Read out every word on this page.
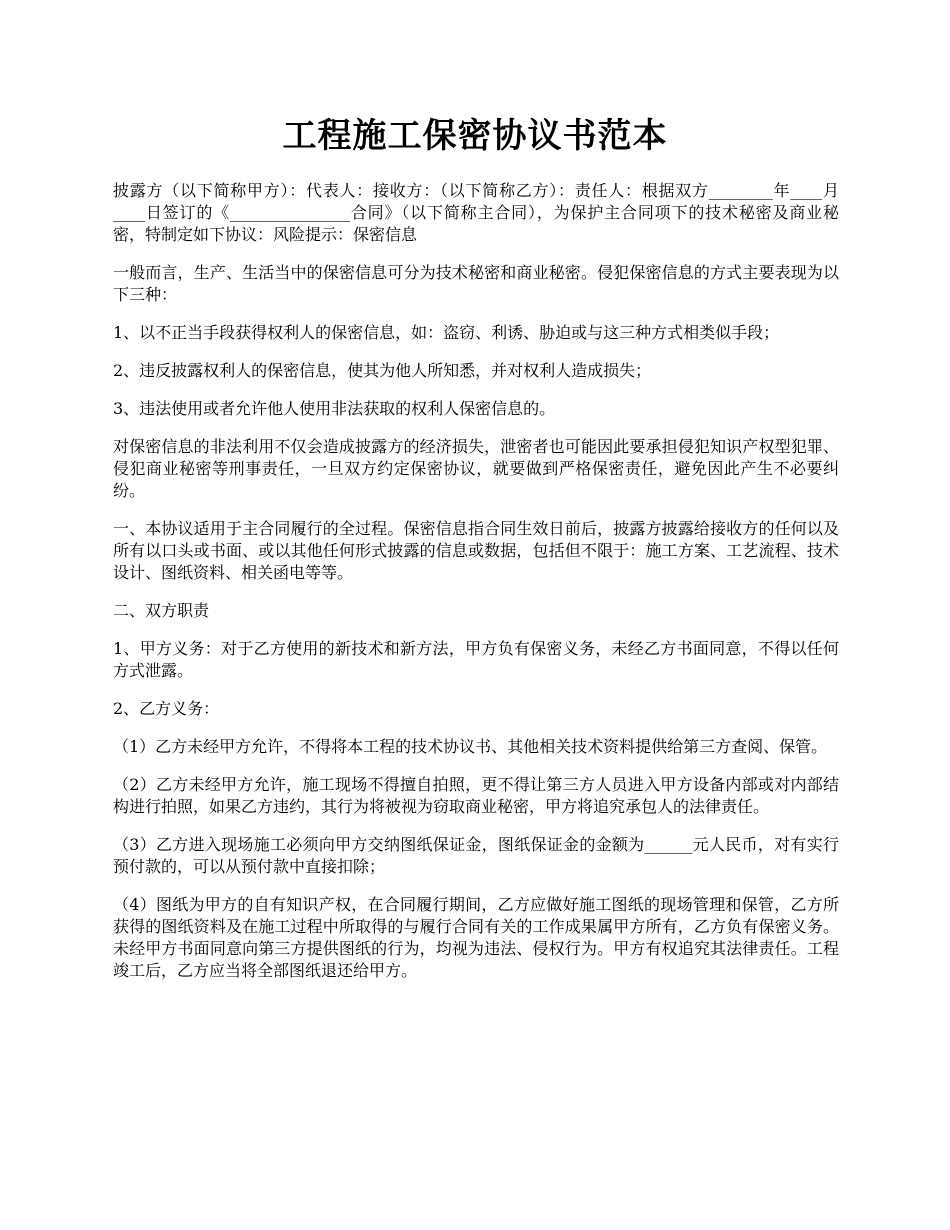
工程施工保密协议书范本

披露方（以下简称甲方）：代表人：接收方：（以下简称乙方）：责任人：根据双方________年____月____日签订的《_______________合同》（以下简称主合同），为保护主合同项下的技术秘密及商业秘密，特制定如下协议：风险提示：保密信息

一般而言，生产、生活当中的保密信息可分为技术秘密和商业秘密。侵犯保密信息的方式主要表现为以下三种：

1、以不正当手段获得权利人的保密信息，如：盗窃、利诱、胁迫或与这三种方式相类似手段；

2、违反披露权利人的保密信息，使其为他人所知悉，并对权利人造成损失；

3、违法使用或者允许他人使用非法获取的权利人保密信息的。

对保密信息的非法利用不仅会造成披露方的经济损失，泄密者也可能因此要承担侵犯知识产权型犯罪、侵犯商业秘密等刑事责任，一旦双方约定保密协议，就要做到严格保密责任，避免因此产生不必要纠纷。

一、本协议适用于主合同履行的全过程。保密信息指合同生效日前后，披露方披露给接收方的任何以及所有以口头或书面、或以其他任何形式披露的信息或数据，包括但不限于：施工方案、工艺流程、技术设计、图纸资料、相关函电等等。

二、双方职责

1、甲方义务：对于乙方使用的新技术和新方法，甲方负有保密义务，未经乙方书面同意，不得以任何方式泄露。

2、乙方义务：

（1）乙方未经甲方允许，不得将本工程的技术协议书、其他相关技术资料提供给第三方查阅、保管。

（2）乙方未经甲方允许，施工现场不得擅自拍照，更不得让第三方人员进入甲方设备内部或对内部结构进行拍照，如果乙方违约，其行为将被视为窃取商业秘密，甲方将追究承包人的法律责任。

（3）乙方进入现场施工必须向甲方交纳图纸保证金，图纸保证金的金额为______元人民币，对有实行预付款的，可以从预付款中直接扣除；

（4）图纸为甲方的自有知识产权，在合同履行期间，乙方应做好施工图纸的现场管理和保管，乙方所获得的图纸资料及在施工过程中所取得的与履行合同有关的工作成果属甲方所有，乙方负有保密义务。未经甲方书面同意向第三方提供图纸的行为，均视为违法、侵权行为。甲方有权追究其法律责任。工程竣工后，乙方应当将全部图纸退还给甲方。
